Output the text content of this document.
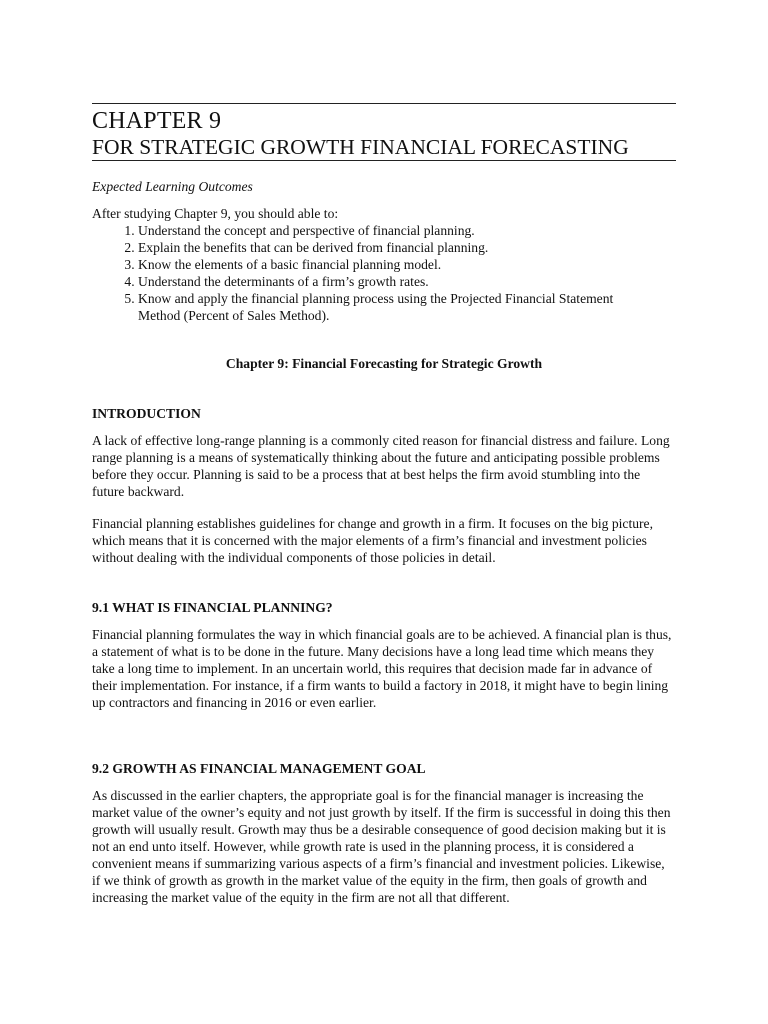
CHAPTER 9
FOR STRATEGIC GROWTH FINANCIAL FORECASTING
Expected Learning Outcomes

After studying Chapter 9, you should able to:

1. Understand the concept and perspective of financial planning.
2. Explain the benefits that can be derived from financial planning.
3. Know the elements of a basic financial planning model.
4. Understand the determinants of a firm’s growth rates.
5. Know and apply the financial planning process using the Projected Financial Statement Method (Percent of Sales Method).
Chapter 9: Financial Forecasting for Strategic Growth
INTRODUCTION
A lack of effective long-range planning is a commonly cited reason for financial distress and failure. Long range planning is a means of systematically thinking about the future and anticipating possible problems before they occur. Planning is said to be a process that at best helps the firm avoid stumbling into the future backward.
Financial planning establishes guidelines for change and growth in a firm. It focuses on the big picture, which means that it is concerned with the major elements of a firm’s financial and investment policies without dealing with the individual components of those policies in detail.
9.1 WHAT IS FINANCIAL PLANNING?
Financial planning formulates the way in which financial goals are to be achieved. A financial plan is thus, a statement of what is to be done in the future. Many decisions have a long lead time which means they take a long time to implement. In an uncertain world, this requires that decision made far in advance of their implementation. For instance, if a firm wants to build a factory in 2018, it might have to begin lining up contractors and financing in 2016 or even earlier.
9.2 GROWTH AS FINANCIAL MANAGEMENT GOAL
As discussed in the earlier chapters, the appropriate goal is for the financial manager is increasing the market value of the owner’s equity and not just growth by itself. If the firm is successful in doing this then growth will usually result. Growth may thus be a desirable consequence of good decision making but it is not an end unto itself. However, while growth rate is used in the planning process, it is considered a convenient means if summarizing various aspects of a firm’s financial and investment policies. Likewise, if we think of growth as growth in the market value of the equity in the firm, then goals of growth and increasing the market value of the equity in the firm are not all that different.
